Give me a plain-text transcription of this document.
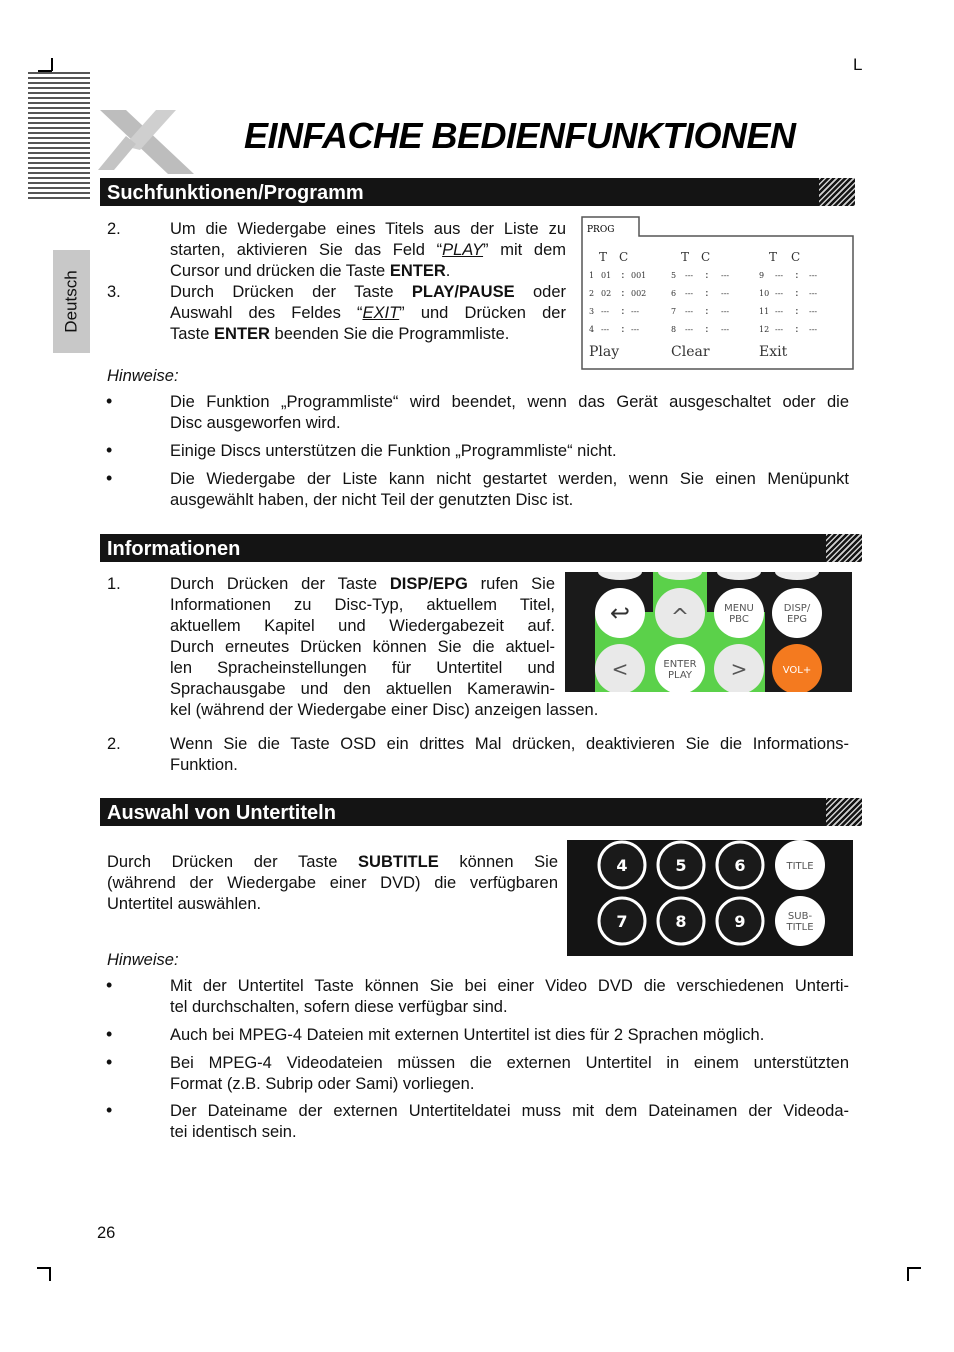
L
EINFACHE BEDIENFUNKTIONEN
Deutsch
Suchfunktionen/Programm
2.	Um die Wiedergabe eines Titels aus der Liste zu
starten, aktivieren Sie das Feld “PLAY” mit dem
Cursor und drücken die Taste ENTER.
3.	Durch Drücken der Taste PLAY/PAUSE oder
Auswahl des Feldes “EXIT” und Drücken der
Taste ENTER beenden Sie die Programmliste.
PROG
T C	T C	T C
1 01 : 001	5 --- : ---	9 --- : ---
2 02 : 002	6 --- : ---	10 --- : ---
3 --- : ---	7 --- : ---	11 --- : ---
4 --- : ---	8 --- : ---	12 --- : ---
Play	Clear	Exit
Hinweise:
•	Die Funktion „Programmliste“ wird beendet, wenn das Gerät ausgeschaltet oder die
Disc ausgeworfen wird.
•	Einige Discs unterstützen die Funktion „Programmliste“ nicht.
•	Die Wiedergabe der Liste kann nicht gestartet werden, wenn Sie einen Menüpunkt
ausgewählt haben, der nicht Teil der genutzten Disc ist.
Informationen
1.	Durch Drücken der Taste DISP/EPG rufen Sie
Informationen zu Disc-Typ, aktuellem Titel,
aktuellem Kapitel und Wiedergabezeit auf.
Durch erneutes Drücken können Sie die aktuel-
len Spracheinstellungen für Untertitel und
Sprachausgabe und den aktuellen Kamerawin-
kel (während der Wiedergabe einer Disc) anzeigen lassen.
↩ ^	MENU
PBC
DISP/
EPG
<	ENTER
PLAY >	VOL+
2.	Wenn Sie die Taste OSD ein drittes Mal drücken, deaktivieren Sie die Informations-
Funktion.
Auswahl von Untertiteln
Durch Drücken der Taste SUBTITLE können Sie
(während der Wiedergabe einer DVD) die verfügbaren
Untertitel auswählen.
4	5	6
7	8	9
TITLE
SUB-
TITLE
Hinweise:
•	Mit der Untertitel Taste können Sie bei einer Video DVD die verschiedenen Unterti-
tel durchschalten, sofern diese verfügbar sind.
•	Auch bei MPEG-4 Dateien mit externen Untertitel ist dies für 2 Sprachen möglich.
•	Bei MPEG-4 Videodateien müssen die externen Untertitel in einem unterstützten
Format (z.B. Subrip oder Sami) vorliegen.
•	Der Dateiname der externen Untertiteldatei muss mit dem Dateinamen der Videoda-
tei identisch sein.
26
